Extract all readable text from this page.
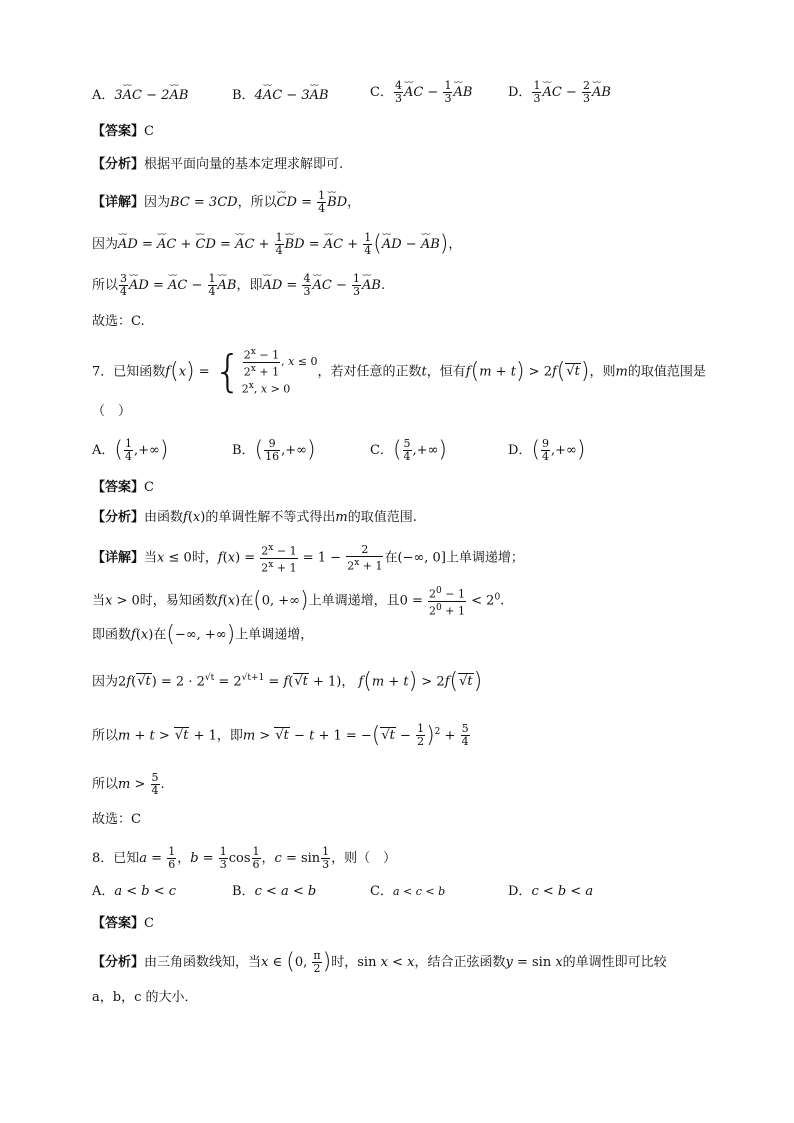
A．3⌣⌣ AC − 2⌣⌣ AB	B．4⌣⌣ AC − 3⌣⌣ AB	C． $\frac{4}{3}$ ⌣⌣ AC − $\frac{1}{3}$ ⌣⌣ AB	D． $\frac{1}{3}$ ⌣⌣ AC − $\frac{2}{3}$ ⌣⌣ AB
【答案】C
【分析】根据平面向量的基本定理求解即可.
【详解】因为BC = 3CD，所以⌣⌣ CD = $\frac{1}{4}$ ⌣⌣ BD，
因为⌣⌣ AD = ⌣⌣ AC + ⌣⌣ CD = ⌣⌣ AC + $\frac{1}{4}$ ⌣⌣ BD = ⌣⌣ AC + $\frac{1}{4}$ (⌣⌣ AD − ⌣⌣ AB)，
所以 $\frac{3}{4}$ ⌣⌣ AD = ⌣⌣ AC − $\frac{1}{4}$ ⌣⌣ AB，即⌣⌣ AD = $\frac{4}{3}$ ⌣⌣ AC − $\frac{1}{3}$ ⌣⌣ AB.
故选：C.
7．已知函数f(x) = { $\frac{2^x - 1}{2^x + 1}$ , x ≤ 0
2$^x$, x > 0，若对任意的正数t，恒有f(m + t) > 2f(√t)，则m的取值范围是
（　）
A．( $\frac{1}{4}$ ,+∞)	B．( $\frac{9}{16}$ ,+∞)	C．( $\frac{5}{4}$ ,+∞)	D．( $\frac{9}{4}$ ,+∞)
【答案】C
【分析】由函数f(x)的单调性解不等式得出m的取值范围.
【详解】当x ≤ 0时，$f(x) = \frac{2^x - 1}{2^x + 1} = 1 - \frac{2}{2^x + 1}$ 在(−∞, 0]上单调递增；
当x > 0时，易知函数f(x)在(0, +∞)上单调递增，且$0 = \frac{2^0 - 1}{2^0 + 1} < 2^0$.
即函数f(x)在(−∞, +∞)上单调递增，
因为$2f(√t) = 2 \cdot 2^{√t} = 2^{√t+1} = f(√t + 1)$， f(m + t) > 2f(√t)
所以m + t > √t + 1，即$m > √t - t + 1 = -(√t - \frac{1}{2} )^2 + \frac{5}{4}$
所以$m > \frac{5}{4}$ .
故选：C
8．已知$a = \frac{1}{6}$ ，$b = \frac{1}{3}$ $\cos \frac{1}{6}$ ，$c = \sin \frac{1}{3}$ ，则（　）
A．a < b < c	B．c < a < b	C．a < c < b	D．c < b < a
【答案】C
【分析】由三角函数线知，当x ∈ (0, $\frac{\pi}{2}$ )时，sin x < x，结合正弦函数y = sin x的单调性即可比较
a，b，c 的大小．
